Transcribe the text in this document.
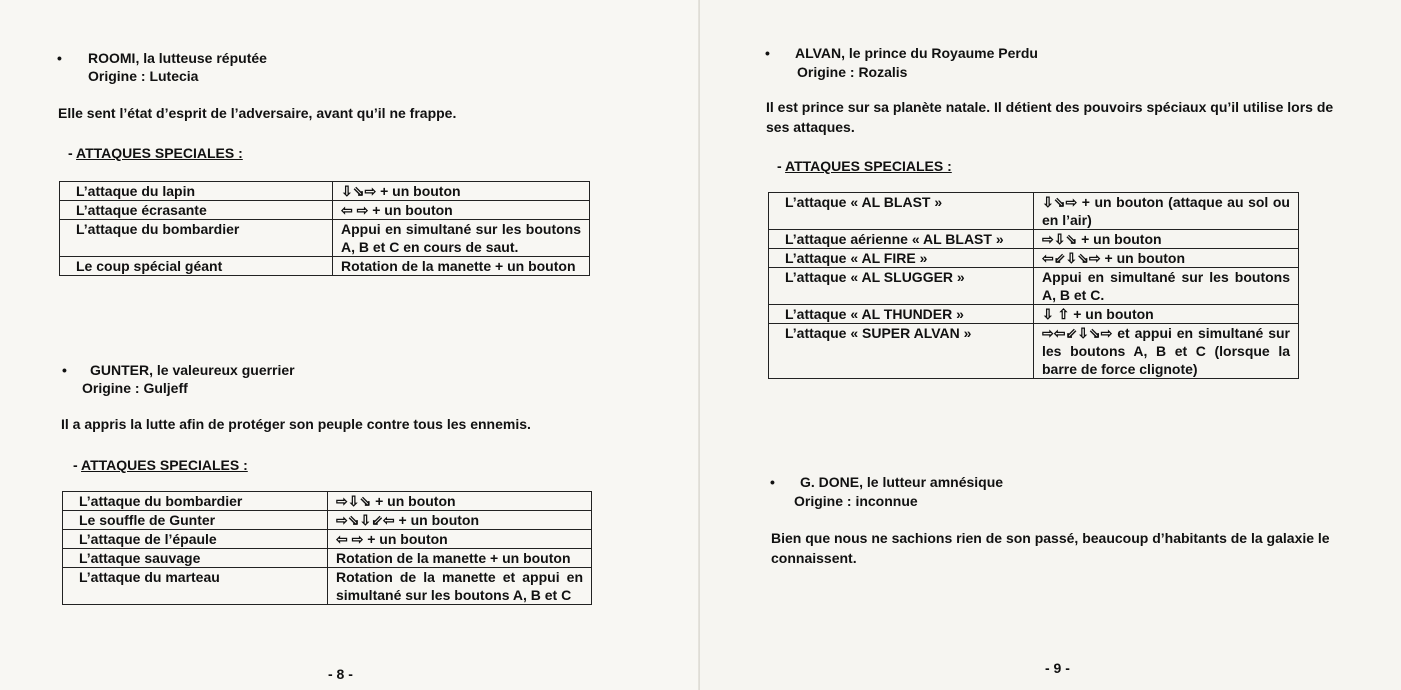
• ROOMI, la lutteuse réputée
Origine : Lutecia
Elle sent l’état d’esprit de l’adversaire, avant qu’il ne frappe.
- ATTAQUES SPECIALES :
L’attaque du lapin	⇩⇘⇨ + un bouton
L’attaque écrasante	⇦ ⇨ + un bouton
L’attaque du bombardier	Appui en simultané sur les boutons A, B et C en cours de saut.
Le coup spécial géant	Rotation de la manette + un bouton
• GUNTER, le valeureux guerrier
Origine : Guljeff
Il a appris la lutte afin de protéger son peuple contre tous les ennemis.
- ATTAQUES SPECIALES :
L’attaque du bombardier	⇨⇩⇘ + un bouton
Le souffle de Gunter	⇨⇘⇩⇙⇦ + un bouton
L’attaque de l’épaule	⇦ ⇨ + un bouton
L’attaque sauvage	Rotation de la manette + un bouton
L’attaque du marteau	Rotation de la manette et appui en simultané sur les boutons A, B et C
- 8 -
• ALVAN, le prince du Royaume Perdu
Origine : Rozalis
Il est prince sur sa planète natale. Il détient des pouvoirs spéciaux qu’il utilise lors de ses attaques.
- ATTAQUES SPECIALES :
L’attaque « AL BLAST »	⇩⇘⇨ + un bouton (attaque au sol ou en l’air)
L’attaque aérienne « AL BLAST »	⇨⇩⇘ + un bouton
L’attaque « AL FIRE »	⇦⇙⇩⇘⇨ + un bouton
L’attaque « AL SLUGGER »	Appui en simultané sur les boutons A, B et C.
L’attaque « AL THUNDER »	⇩ ⇧ + un bouton
L’attaque « SUPER ALVAN »	⇨⇦⇙⇩⇘⇨ et appui en simultané sur les boutons A, B et C (lorsque la barre de force clignote)
• G. DONE, le lutteur amnésique
Origine : inconnue
Bien que nous ne sachions rien de son passé, beaucoup d’habitants de la galaxie le connaissent.
- 9 -
